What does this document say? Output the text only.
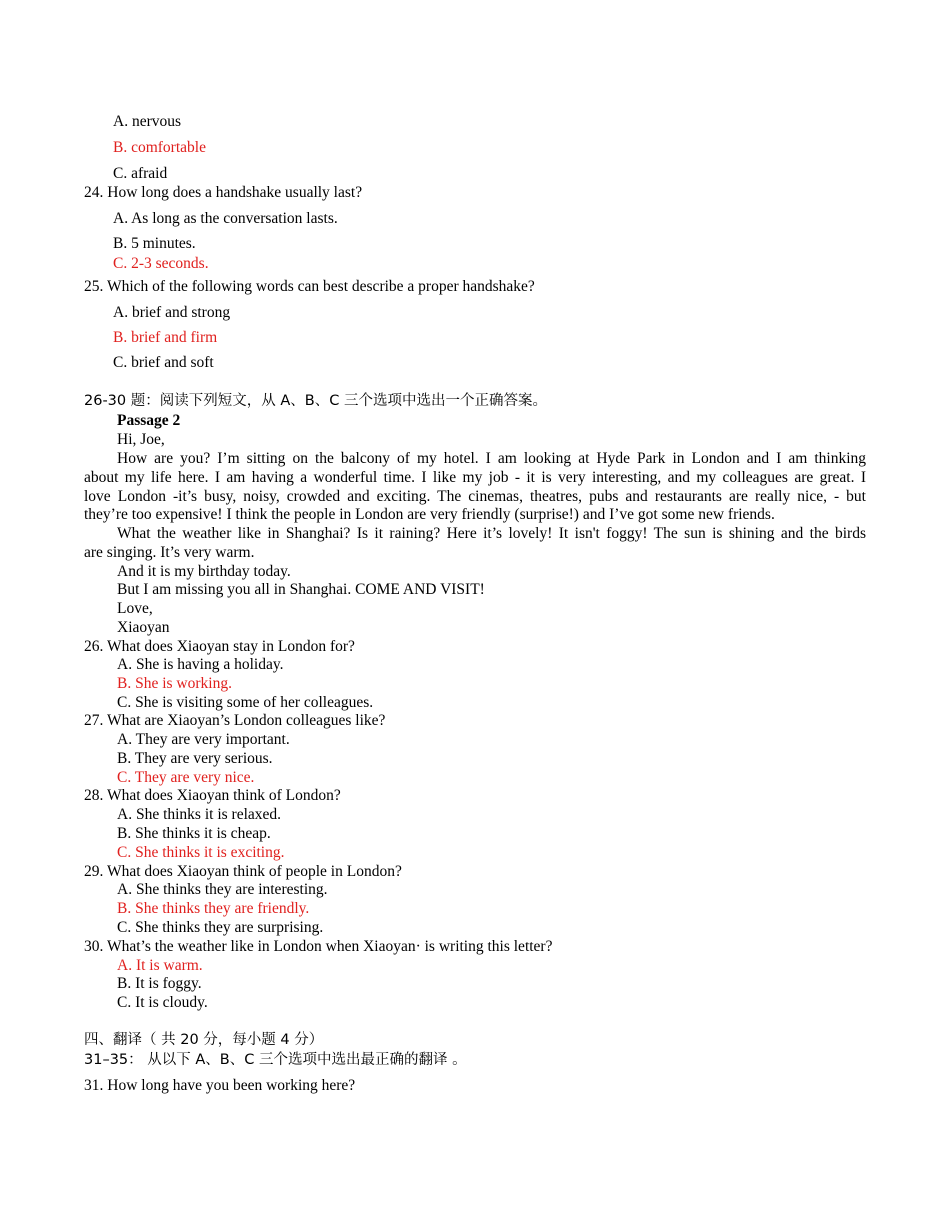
A. nervous
B. comfortable
C. afraid
24. How long does a handshake usually last?
A. As long as the conversation lasts.
B. 5 minutes.
C. 2-3 seconds.
25. Which of the following words can best describe a proper handshake?
A. brief and strong
B. brief and firm
C. brief and soft
26-30 题：阅读下列短文，从 A、B、C 三个选项中选出一个正确答案。
Passage 2
Hi, Joe,
How are you? I’m sitting on the balcony of my hotel. I am looking at Hyde Park in London and I am thinking
about my life here. I am having a wonderful time. I like my job - it is very interesting, and my colleagues are great. I
love London -it’s busy, noisy, crowded and exciting. The cinemas, theatres, pubs and restaurants are really nice, - but
they’re too expensive! I think the people in London are very friendly (surprise!) and I’ve got some new friends.
What the weather like in Shanghai? Is it raining? Here it’s lovely! It isn't foggy! The sun is shining and the birds
are singing. It’s very warm.
And it is my birthday today.
But I am missing you all in Shanghai. COME AND VISIT!
Love,
Xiaoyan
26. What does Xiaoyan stay in London for?
A. She is having a holiday.
B. She is working.
C. She is visiting some of her colleagues.
27. What are Xiaoyan’s London colleagues like?
A. They are very important.
B. They are very serious.
C. They are very nice.
28. What does Xiaoyan think of London?
A. She thinks it is relaxed.
B. She thinks it is cheap.
C. She thinks it is exciting.
29. What does Xiaoyan think of people in London?
A. She thinks they are interesting.
B. She thinks they are friendly.
C. She thinks they are surprising.
30. What’s the weather like in London when Xiaoyan· is writing this letter?
A. It is warm.
B. It is foggy.
C. It is cloudy.
四、翻译（ 共 20 分，每小题 4 分）
31–35： 从以下 A、B、C 三个选项中选出最正确的翻译 。
31. How long have you been working here?
